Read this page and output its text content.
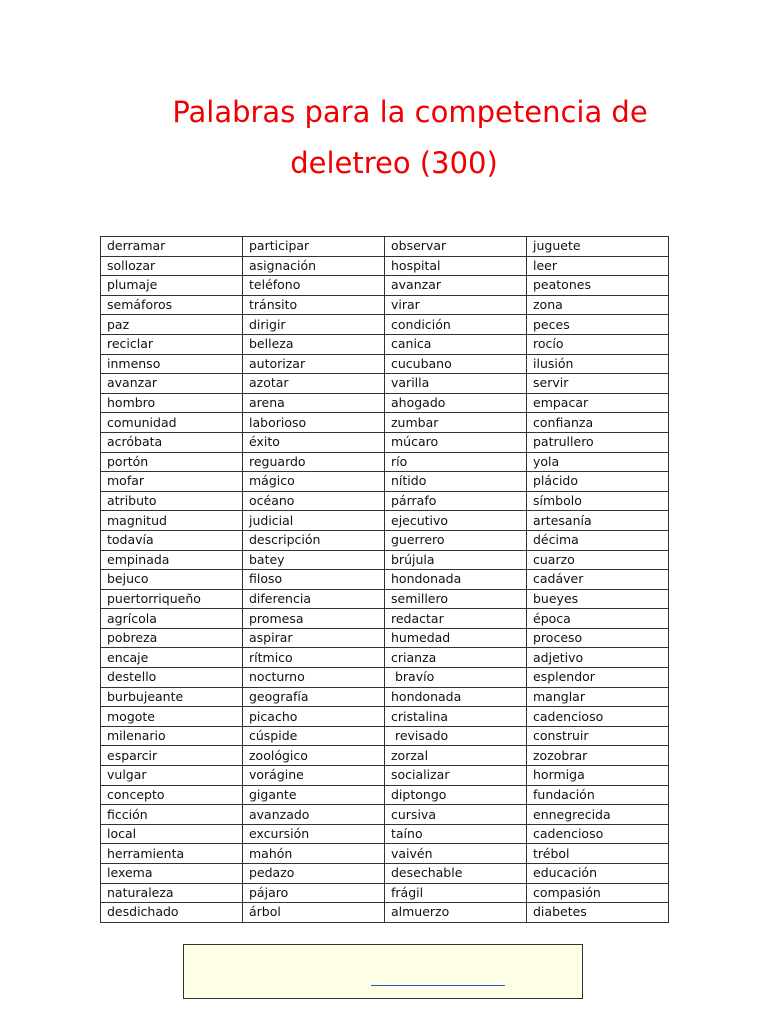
Palabras para la competencia de
deletreo (300)
derramar	participar	observar	juguete
sollozar	asignación	hospital	leer
plumaje	teléfono	avanzar	peatones
semáforos	tránsito	virar	zona
paz	dirigir	condición	peces
reciclar	belleza	canica	rocío
inmenso	autorizar	cucubano	ilusión
avanzar	azotar	varilla	servir
hombro	arena	ahogado	empacar
comunidad	laborioso	zumbar	confianza
acróbata	éxito	múcaro	patrullero
portón	reguardo	río	yola
mofar	mágico	nítido	plácido
atributo	océano	párrafo	símbolo
magnitud	judicial	ejecutivo	artesanía
todavía	descripción	guerrero	décima
empinada	batey	brújula	cuarzo
bejuco	filoso	hondonada	cadáver
puertorriqueño	diferencia	semillero	bueyes
agrícola	promesa	redactar	época
pobreza	aspirar	humedad	proceso
encaje	rítmico	crianza	adjetivo
destello	nocturno	bravío	esplendor
burbujeante	geografía	hondonada	manglar
mogote	picacho	cristalina	cadencioso
milenario	cúspide	revisado	construir
esparcir	zoológico	zorzal	zozobrar
vulgar	vorágine	socializar	hormiga
concepto	gigante	diptongo	fundación
ficción	avanzado	cursiva	ennegrecida
local	excursión	taíno	cadencioso
herramienta	mahón	vaivén	trébol
lexema	pedazo	desechable	educación
naturaleza	pájaro	frágil	compasión
desdichado	árbol	almuerzo	diabetes
